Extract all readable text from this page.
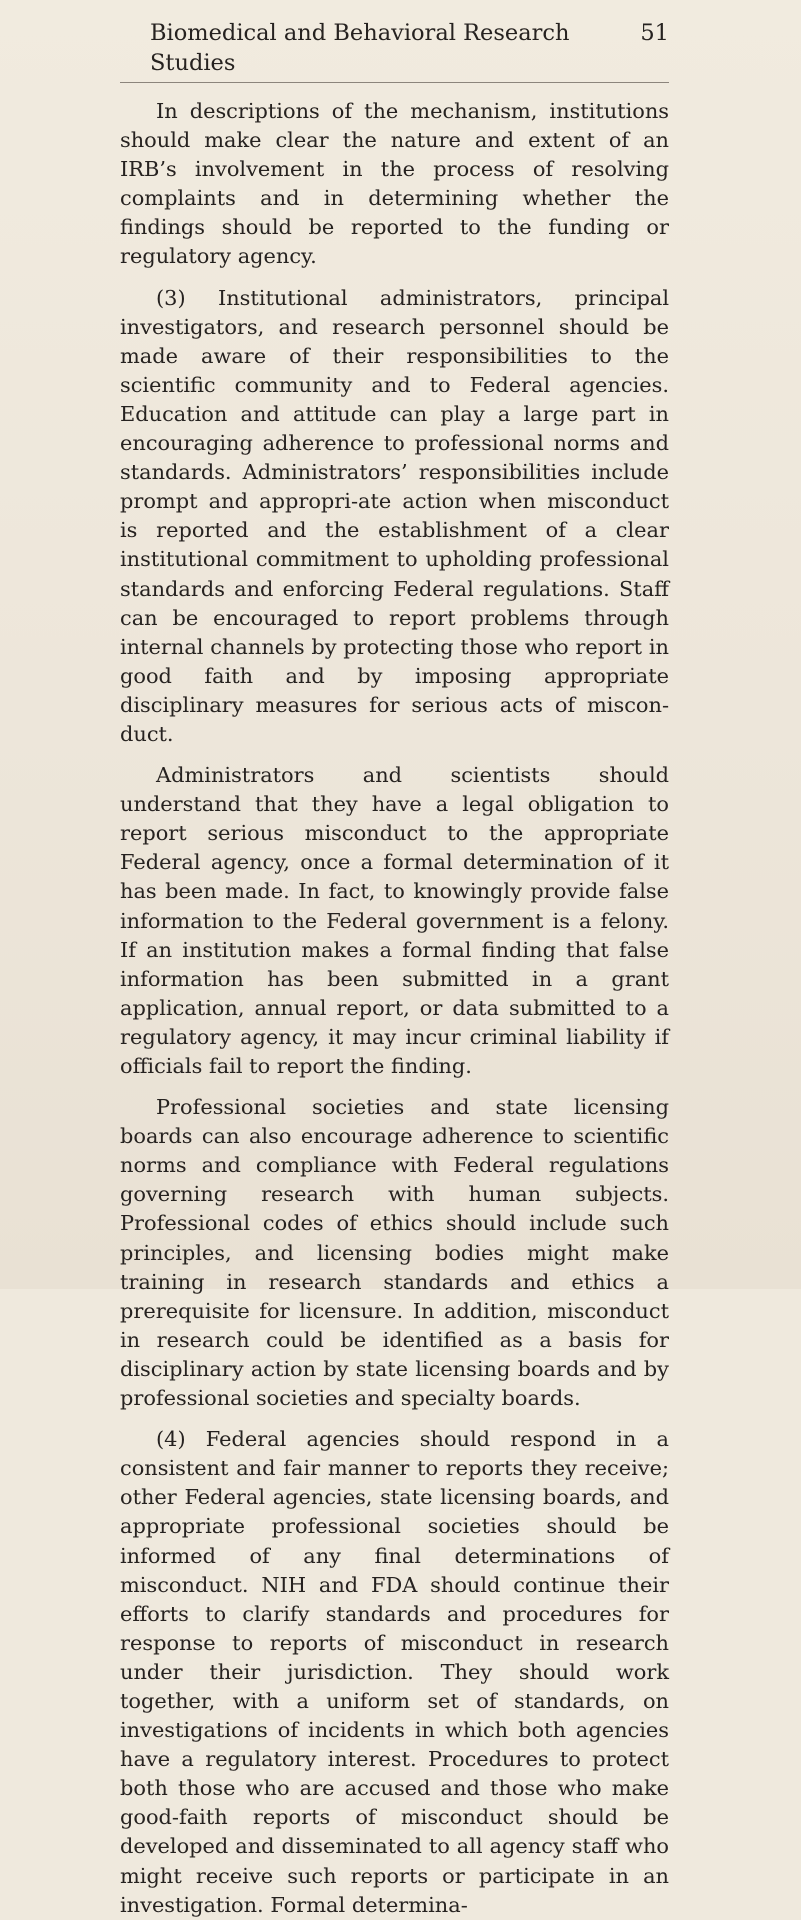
Biomedical and Behavioral Research Studies
51

In descriptions of the mechanism, institutions should make clear the nature and extent of an IRB’s involvement in the process of resolving complaints and in determining whether the findings should be reported to the funding or regulatory agency.

(3) Institutional administrators, principal investigators, and research personnel should be made aware of their responsibilities to the scientific community and to Federal agencies. Education and attitude can play a large part in encouraging adherence to professional norms and standards. Administrators’ responsibilities include prompt and appropri-ate action when misconduct is reported and the establishment of a clear institutional commitment to upholding professional standards and enforcing Federal regulations. Staff can be encouraged to report problems through internal channels by protecting those who report in good faith and by imposing appropriate disciplinary measures for serious acts of miscon-duct.

Administrators and scientists should understand that they have a legal obligation to report serious misconduct to the appropriate Federal agency, once a formal determination of it has been made. In fact, to knowingly provide false information to the Federal government is a felony. If an institution makes a formal finding that false information has been submitted in a grant application, annual report, or data submitted to a regulatory agency, it may incur criminal liability if officials fail to report the finding.

Professional societies and state licensing boards can also encourage adherence to scientific norms and compliance with Federal regulations governing research with human subjects. Professional codes of ethics should include such principles, and licensing bodies might make training in research standards and ethics a prerequisite for licensure. In addition, misconduct in research could be identified as a basis for disciplinary action by state licensing boards and by professional societies and specialty boards.

(4) Federal agencies should respond in a consistent and fair manner to reports they receive; other Federal agencies, state licensing boards, and appropriate professional societies should be informed of any final determinations of misconduct. NIH and FDA should continue their efforts to clarify standards and procedures for response to reports of misconduct in research under their jurisdiction. They should work together, with a uniform set of standards, on investigations of incidents in which both agencies have a regulatory interest. Procedures to protect both those who are accused and those who make good-faith reports of misconduct should be developed and disseminated to all agency staff who might receive such reports or participate in an investigation. Formal determina-
